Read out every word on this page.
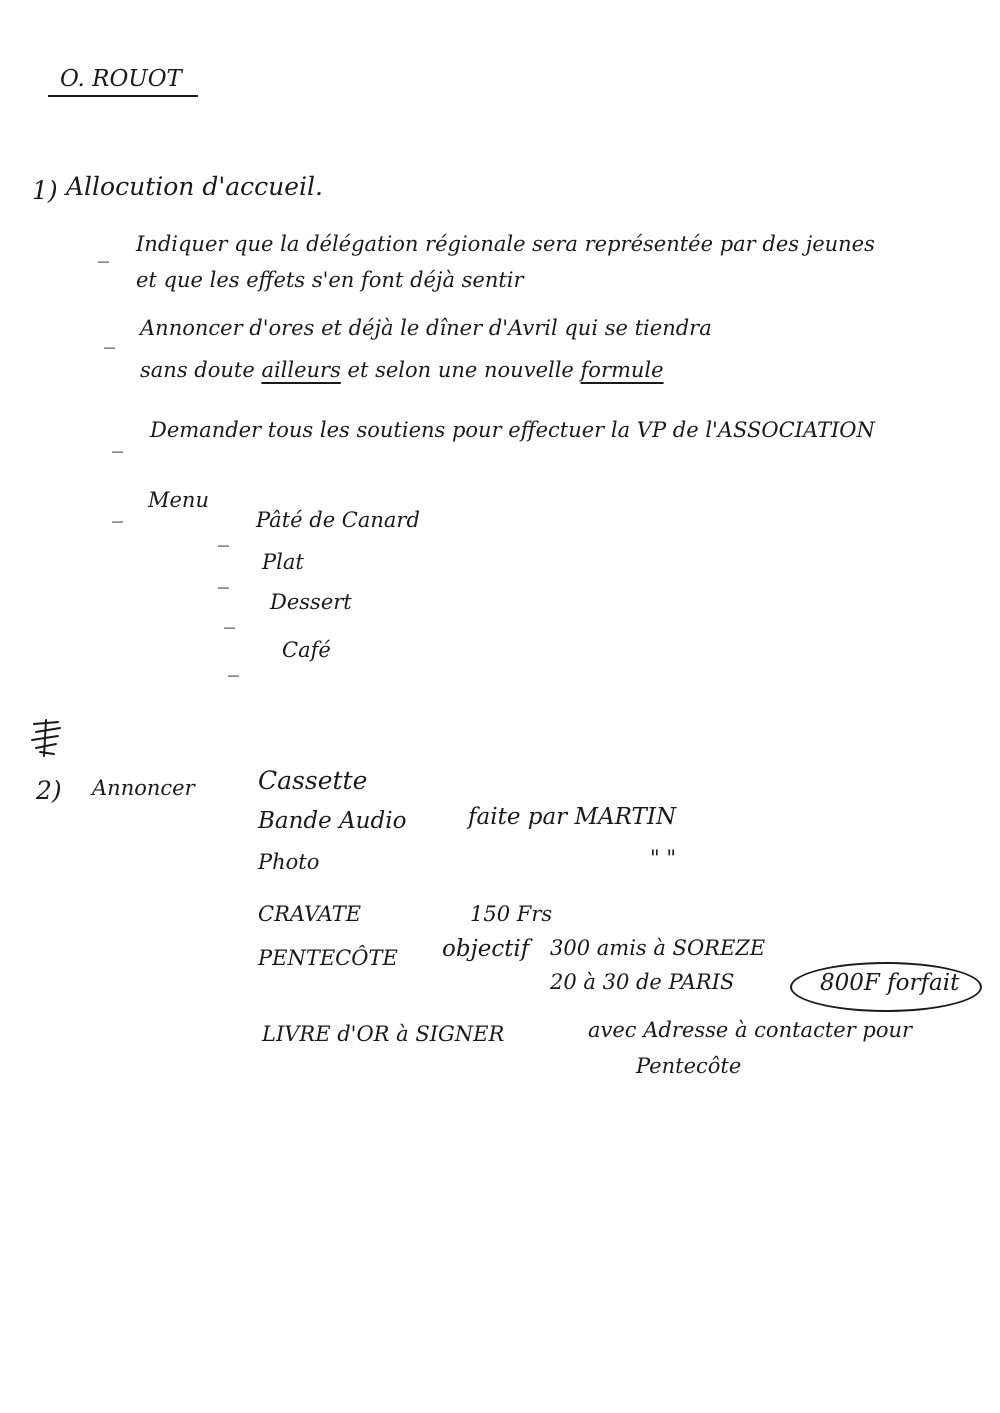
O. ROUOT
1) Allocution d'accueil.
_ Indiquer que la délégation régionale sera représentée par des jeunes
et que les effets s'en font déjà sentir
_ Annoncer d'ores et déjà le dîner d'Avril qui se tiendra
sans doute ailleurs et selon une nouvelle formule
_ Demander tous les soutiens pour effectuer la VP de l'ASSOCIATION
_ Menu
_
Pâté de Canard
_
Plat
_
Dessert
_
Café
2) Annoncer	Cassette
Bande Audio	faite par MARTIN
Photo	" "
CRAVATE	150 Frs
PENTECÔTE objectif 300 amis à SOREZE
20 à 30 de PARIS	800F forfait
LIVRE d'OR à SIGNER	avec Adresse à contacter pour
Pentecôte
